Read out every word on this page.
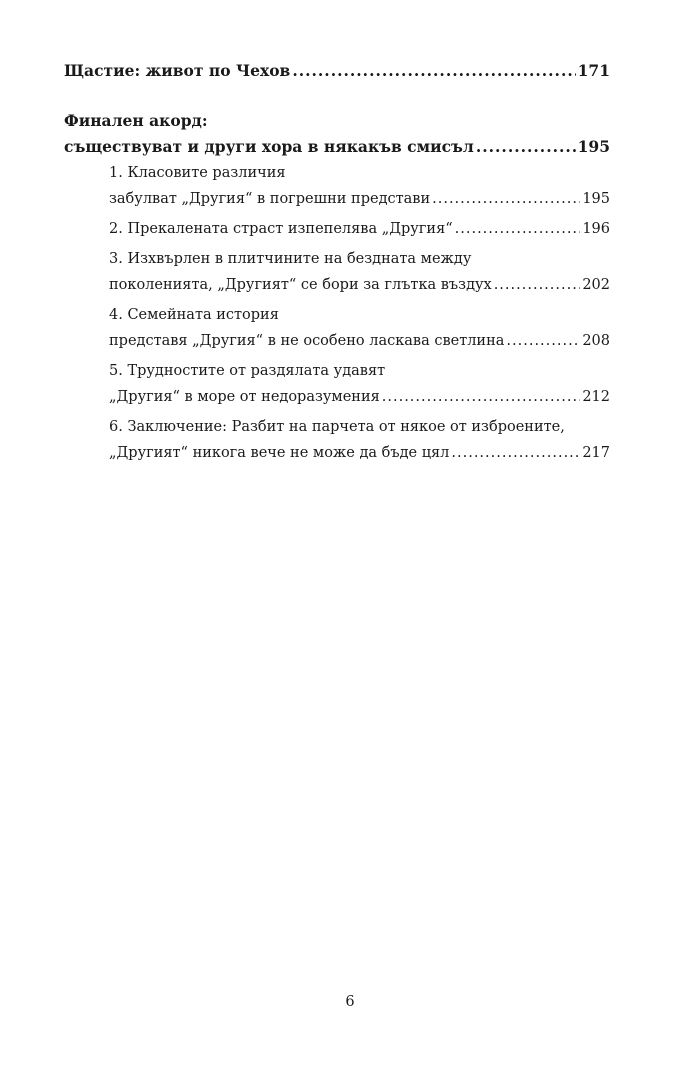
Щастие: живот по Чехов .....	171
Финален акорд:
съществуват и други хора в някакъв смисъл .....	195
1. Класовите различия
забулват „Другия“ в погрешни представи .....	195
2. Прекалената страст изпепелява „Другия“ .....	196
3. Изхвърлен в плитчините на бездната между
поколенията, „Другият“ се бори за глътка въздух .....	202
4. Семейната история
представя „Другия“ в не особено ласкава светлина .....	208
5. Трудностите от раздялата удавят
„Другия“ в море от недоразумения .....	212
6. Заключение: Разбит на парчета от някое от изброените,
„Другият“ никога вече не може да бъде цял .....	217
6
